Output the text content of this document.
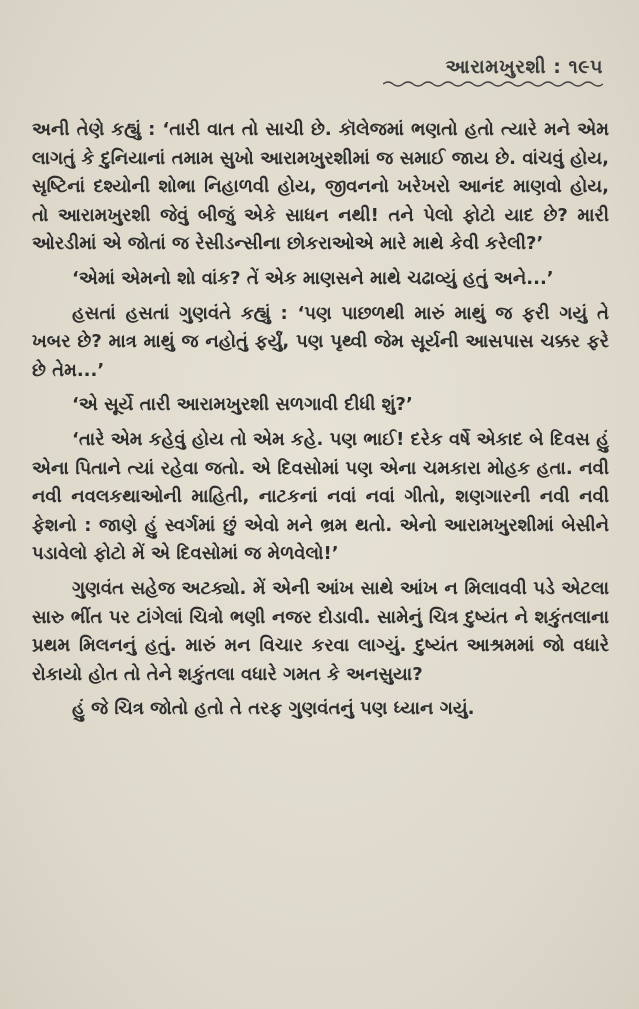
આરામખુરશી : ૧૯૫

અની તેણે કહ્યું : ‘તારી વાત તો સાચી છે. કૉલેજમાં ભણતો હતો ત્યારે મને એમ લાગતું કે દુનિયાનાં તમામ સુખો આરામખુરશીમાં જ સમાઈ જાય છે. વાંચવું હોય, સૃષ્ટિનાં દશ્યોની શોભા નિહાળવી હોય, જીવનનો ખરેખરો આનંદ માણવો હોય, તો આરામખુરશી જેવું બીજું એકે સાધન નથી! તને પેલો ફોટો યાદ છે? મારી ઓરડીમાં એ જોતાં જ રેસીડન્સીના છોકરાઓએ મારે માથે કેવી કરેલી?’

‘એમાં એમનો શો વાંક? તેં એક માણસને માથે ચઢાવ્યું હતું અને...’

હસતાં હસતાં ગુણવંતે કહ્યું : ‘પણ પાછળથી મારું માથું જ ફરી ગયું તે ખબર છે? માત્ર માથું જ નહોતું ફર્યું, પણ પૃથ્વી જેમ સૂર્યની આસપાસ ચક્કર ફરે છે તેમ...’

‘એ સૂર્યે તારી આરામખુરશી સળગાવી દીધી શું?’

‘તારે એમ કહેવું હોય તો એમ કહે. પણ ભાઈ! દરેક વર્ષે એકાદ બે દિવસ હું એના પિતાને ત્યાં રહેવા જતો. એ દિવસોમાં પણ એના ચમકારા મોહક હતા. નવી નવી નવલકથાઓની માહિતી, નાટકનાં નવાં નવાં ગીતો, શણગારની નવી નવી ફેશનો : જાણે હું સ્વર્ગમાં છું એવો મને ભ્રમ થતો. એનો આરામખુરશીમાં બેસીને પડાવેલો ફોટો મેં એ દિવસોમાં જ મેળવેલો!’

ગુણવંત સહેજ અટક્યો. મેં એની આંખ સાથે આંખ ન મિલાવવી પડે એટલા સારુ ભીંત પર ટાંગેલાં ચિત્રો ભણી નજર દોડાવી. સામેનું ચિત્ર દુષ્યંત ને શકુંતલાના પ્રથમ મિલનનું હતું. મારું મન વિચાર કરવા લાગ્યું. દુષ્યંત આશ્રમમાં જો વધારે રોકાયો હોત તો તેને શકુંતલા વધારે ગમત કે અનસુયા?

હું જે ચિત્ર જોતો હતો તે તરફ ગુણવંતનું પણ ધ્યાન ગયું.
